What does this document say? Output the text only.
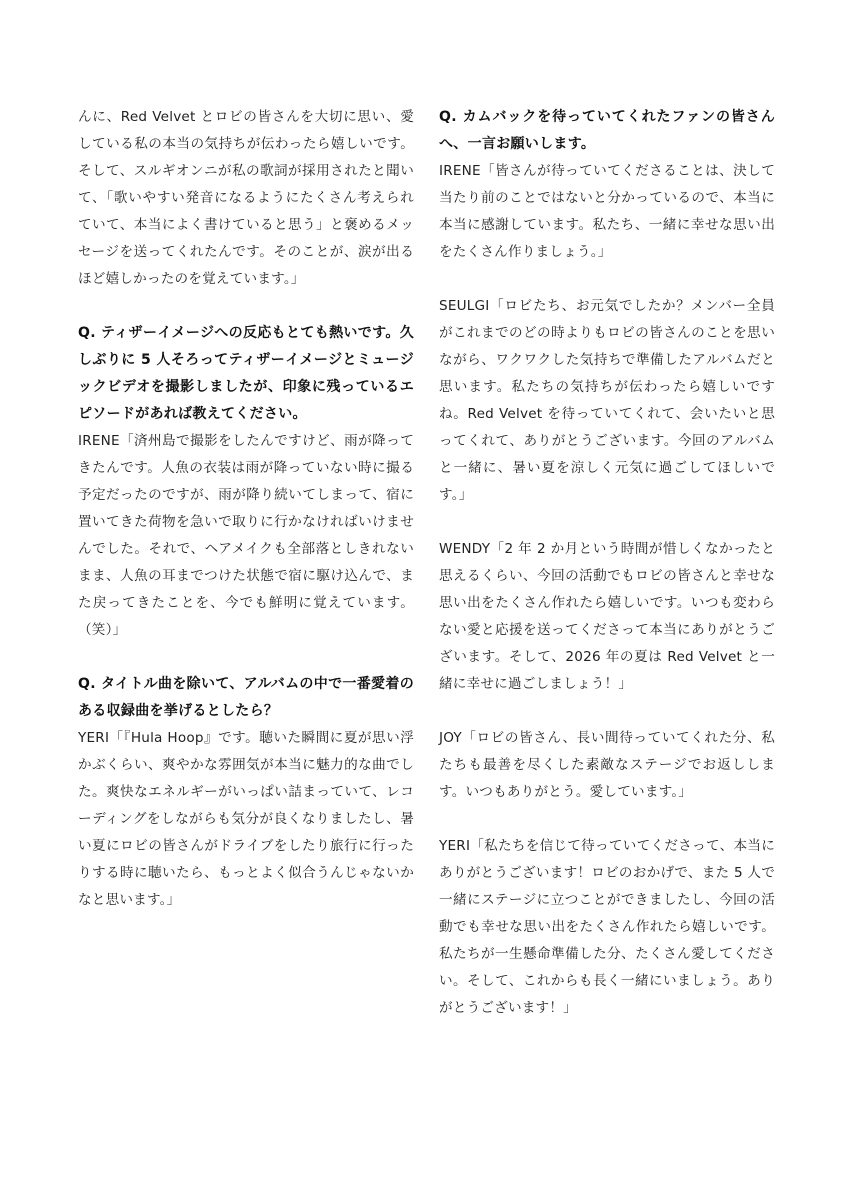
んに、Red Velvet とロビの皆さんを大切に思い、愛している私の本当の気持ちが伝わったら嬉しいです。そして、スルギオンニが私の歌詞が採用されたと聞いて、「歌いやすい発音になるようにたくさん考えられていて、本当によく書けていると思う」と褒めるメッセージを送ってくれたんです。そのことが、涙が出るほど嬉しかったのを覚えています。」

Q. ティザーイメージへの反応もとても熱いです。久しぶりに 5 人そろってティザーイメージとミュージックビデオを撮影しましたが、印象に残っているエピソードがあれば教えてください。

IRENE「済州島で撮影をしたんですけど、雨が降ってきたんです。人魚の衣装は雨が降っていない時に撮る予定だったのですが、雨が降り続いてしまって、宿に置いてきた荷物を急いで取りに行かなければいけませんでした。それで、ヘアメイクも全部落としきれないまま、人魚の耳までつけた状態で宿に駆け込んで、また戻ってきたことを、今でも鮮明に覚えています。（笑）」

Q. タイトル曲を除いて、アルバムの中で一番愛着のある収録曲を挙げるとしたら？

YERI「『Hula Hoop』です。聴いた瞬間に夏が思い浮かぶくらい、爽やかな雰囲気が本当に魅力的な曲でした。爽快なエネルギーがいっぱい詰まっていて、レコーディングをしながらも気分が良くなりましたし、暑い夏にロビの皆さんがドライブをしたり旅行に行ったりする時に聴いたら、もっとよく似合うんじゃないかなと思います。」

Q. カムバックを待っていてくれたファンの皆さんへ、一言お願いします。

IRENE「皆さんが待っていてくださることは、決して当たり前のことではないと分かっているので、本当に本当に感謝しています。私たち、一緒に幸せな思い出をたくさん作りましょう。」

SEULGI「ロビたち、お元気でしたか？メンバー全員がこれまでのどの時よりもロビの皆さんのことを思いながら、ワクワクした気持ちで準備したアルバムだと思います。私たちの気持ちが伝わったら嬉しいですね。Red Velvet を待っていてくれて、会いたいと思ってくれて、ありがとうございます。今回のアルバムと一緒に、暑い夏を涼しく元気に過ごしてほしいです。」

WENDY「2 年 2 か月という時間が惜しくなかったと思えるくらい、今回の活動でもロビの皆さんと幸せな思い出をたくさん作れたら嬉しいです。いつも変わらない愛と応援を送ってくださって本当にありがとうございます。そして、2026 年の夏は Red Velvet と一緒に幸せに過ごしましょう！」

JOY「ロビの皆さん、長い間待っていてくれた分、私たちも最善を尽くした素敵なステージでお返しします。いつもありがとう。愛しています。」

YERI「私たちを信じて待っていてくださって、本当にありがとうございます！ロビのおかげで、また 5 人で一緒にステージに立つことができましたし、今回の活動でも幸せな思い出をたくさん作れたら嬉しいです。私たちが一生懸命準備した分、たくさん愛してください。そして、これからも長く一緒にいましょう。ありがとうございます！」
